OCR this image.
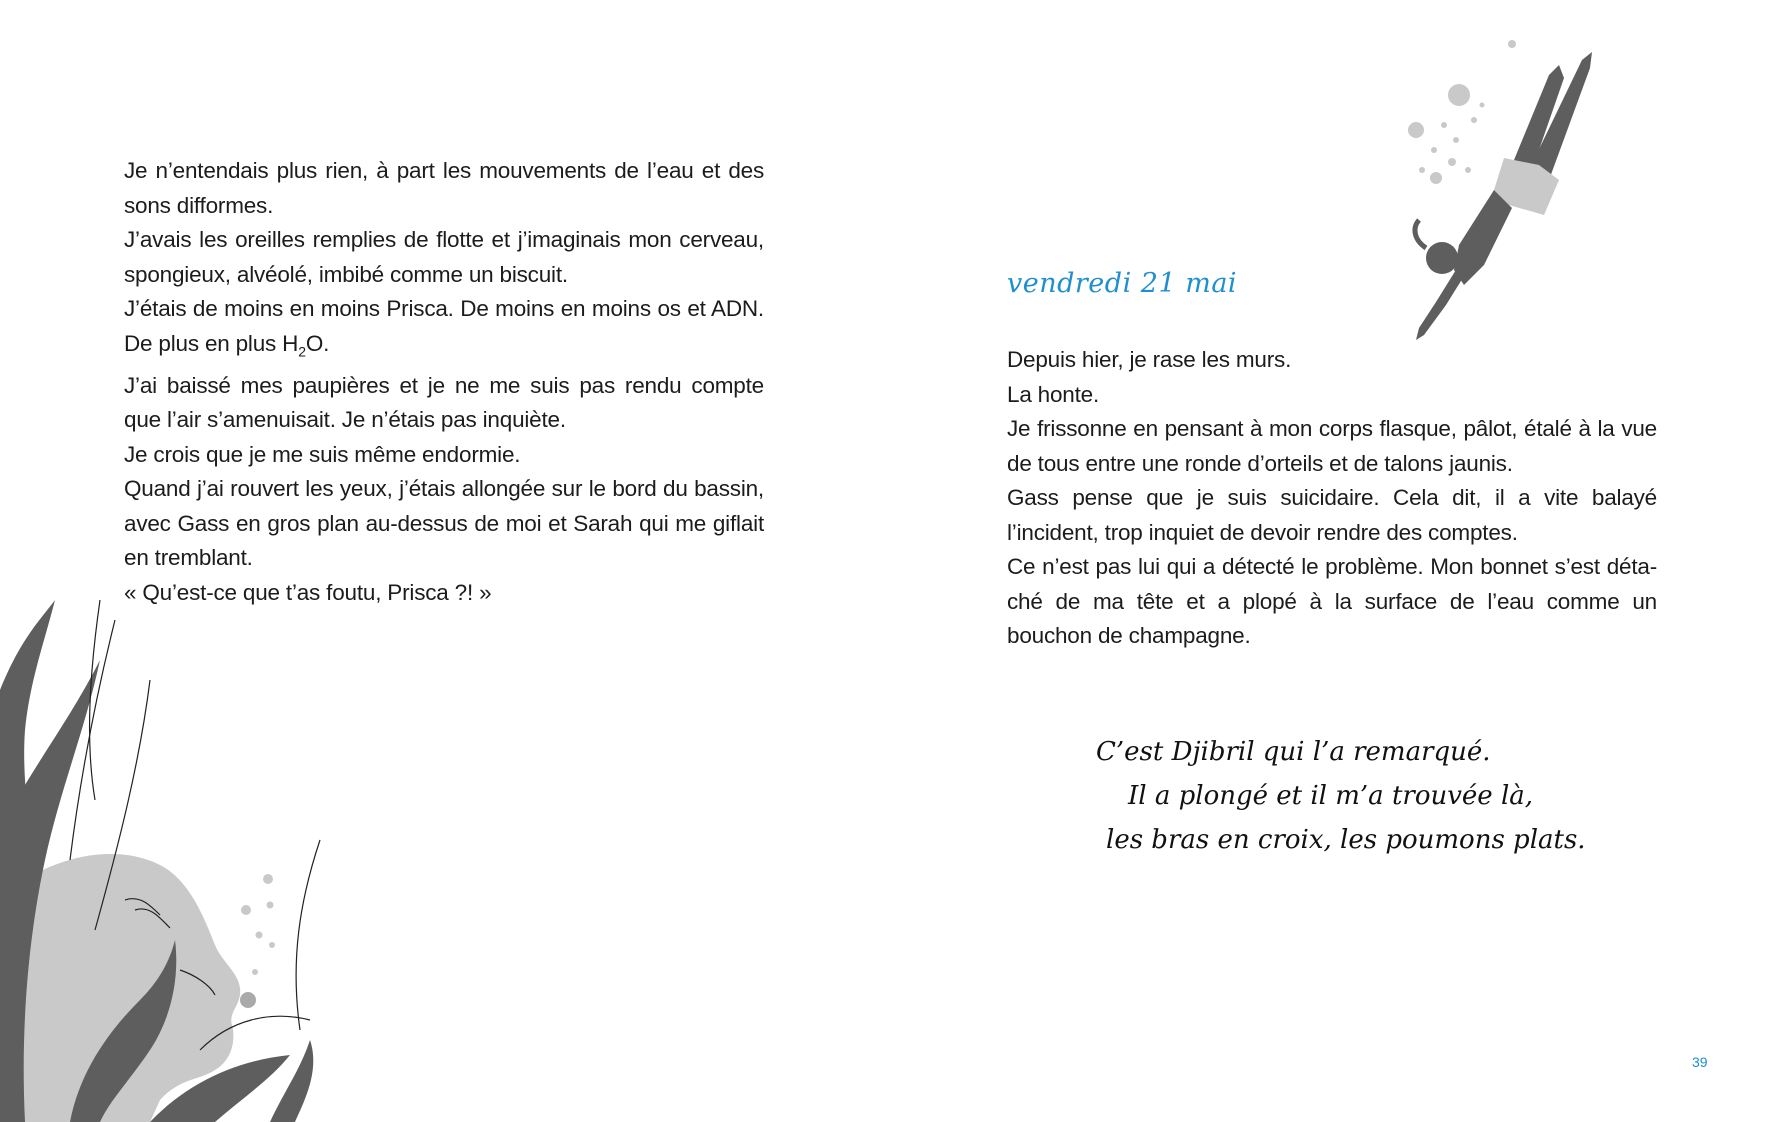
Je n’entendais plus rien, à part les mouvements de l’eau et des sons difformes.

J’avais les oreilles remplies de flotte et j’imaginais mon cerveau, spongieux, alvéolé, imbibé comme un biscuit.

J’étais de moins en moins Prisca. De moins en moins os et ADN. De plus en plus $H_2O$.

J’ai baissé mes paupières et je ne me suis pas rendu compte que l’air s’amenuisait. Je n’étais pas inquiète.

Je crois que je me suis même endormie.

Quand j’ai rouvert les yeux, j’étais allongée sur le bord du bassin, avec Gass en gros plan au-dessus de moi et Sarah qui me giflait en tremblant.

« Qu’est-ce que t’as foutu, Prisca ?! »

vendredi 21 mai

Depuis hier, je rase les murs.

La honte.

Je frissonne en pensant à mon corps flasque, pâlot, étalé à la vue de tous entre une ronde d’orteils et de talons jaunis.

Gass pense que je suis suicidaire. Cela dit, il a vite balayé l’incident, trop inquiet de devoir rendre des comptes.

Ce n’est pas lui qui a détecté le problème. Mon bonnet s’est déta-ché de ma tête et a plopé à la surface de l’eau comme un bouchon de champagne.

C’est Djibril qui l’a remarqué.

Il a plongé et il m’a trouvée là,

les bras en croix, les poumons plats.

39
